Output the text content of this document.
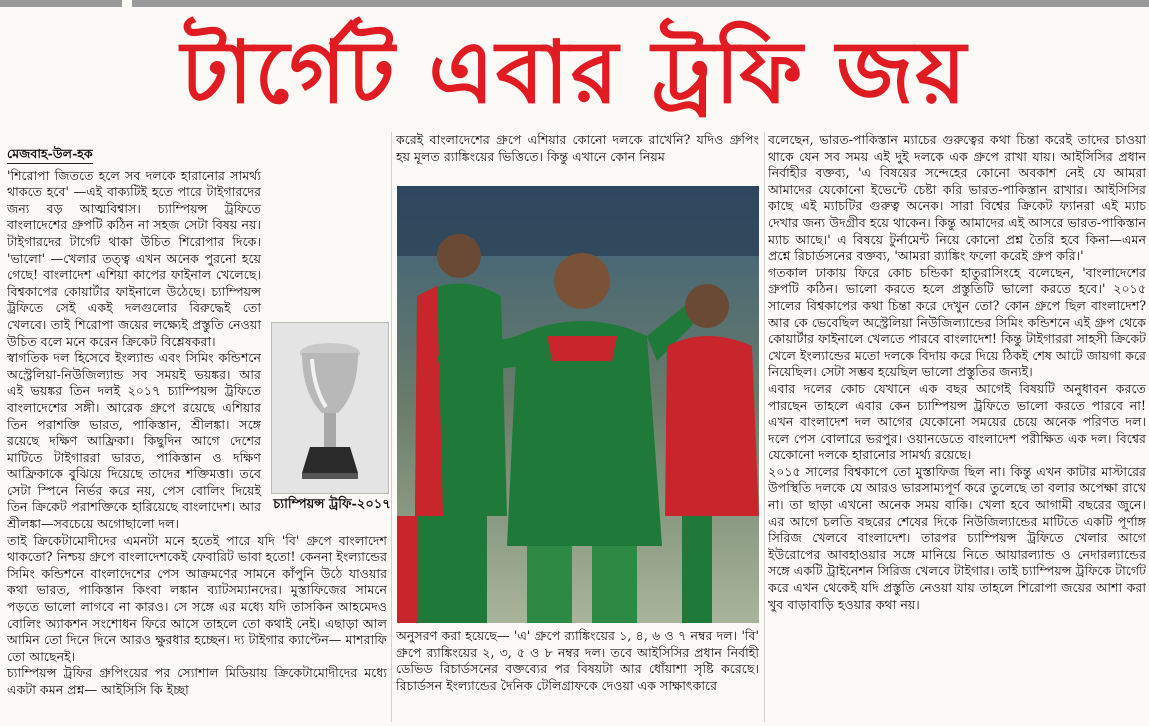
টার্গেট এবার ট্রফি জয়
মেজবাহ-উল-হক

'শিরোপা জিততে হলে সব দলকে হারানোর সামর্থ্য থাকতে হবে' —এই বাক্যটিই হতে পারে টাইগারদের জন্য বড় আত্মবিশ্বাস। চ্যাম্পিয়ন্স ট্রফিতে বাংলাদেশের গ্রুপটি কঠিন না সহজ সেটা বিষয় নয়। টাইগারদের টার্গেট থাকা উচিত শিরোপার দিকে। 'ভালো' —খেলার তত্ত্ব এখন অনেক পুরনো হয়ে গেছে! বাংলাদেশ এশিয়া কাপের ফাইনাল খেলেছে। বিশ্বকাপের কোয়ার্টার ফাইনালে উঠেছে। চ্যাম্পিয়ন্স ট্রফিতে সেই একই দলগুলোর বিরুদ্ধেই তো খেলবে। তাই শিরোপা জয়ের লক্ষ্যেই প্রস্তুতি নেওয়া উচিত বলে মনে করেন ক্রিকেট বিশ্লেষকরা।

স্বাগতিক দল হিসেবে ইংল্যান্ড এবং সিমিং কন্ডিশনে অস্ট্রেলিয়া-নিউজিল্যান্ড সব সময়ই ভয়ঙ্কর। আর এই ভয়ঙ্কর তিন দলই ২০১৭ চ্যাম্পিয়ন্স ট্রফিতে বাংলাদেশের সঙ্গী। আরেক গ্রুপে রয়েছে এশিয়ার তিন পরাশক্তি ভারত, পাকিস্তান, শ্রীলঙ্কা। সঙ্গে রয়েছে দক্ষিণ আফ্রিকা। কিছুদিন আগে দেশের মাটিতে টাইগাররা ভারত, পাকিস্তান ও দক্ষিণ আফ্রিকাকে বুঝিয়ে দিয়েছে তাদের শক্তিমত্তা। তবে সেটা স্পিনে নির্ভর করে নয়, পেস বোলিং দিয়েই তিন ক্রিকেট পরাশক্তিকে হারিয়েছে বাংলাদেশ। আর শ্রীলঙ্কা—সবচেয়ে অগোছালো দল।

তাই ক্রিকেটামোদীদের এমনটা মনে হতেই পারে যদি 'বি' গ্রুপে বাংলাদেশ থাকতো? নিশ্চয় গ্রুপে বাংলাদেশকেই ফেবারিট ভাবা হতো! কেননা ইংল্যান্ডের সিমিং কন্ডিশনে বাংলাদেশের পেস আক্রমণের সামনে কাঁপুনি উঠে যাওয়ার কথা ভারত, পাকিস্তান কিংবা লঙ্কান ব্যাটসম্যানদের। মুস্তাফিজের সামনে পড়তে ভালো লাগবে না কারও। সে সঙ্গে এর মধ্যে যদি তাসকিন আহমেদও বোলিং অ্যাকশন সংশোধন ফিরে আসে তাহলে তো কথাই নেই। এছাড়া আল আমিন তো দিনে দিনে আরও ক্ষুরধার হচ্ছেন। দ্য টাইগার ক্যাপ্টেন— মাশরাফি তো আছেনই।

চ্যাম্পিয়ন্স ট্রফির গ্রুপিংয়ের পর স্যোশাল মিডিয়ায় ক্রিকেটামোদীদের মধ্যে একটা কমন প্রশ্ন— আইসিসি কি ইচ্ছা

চ্যাম্পিয়ন্স ট্রফি-২০১৭

করেই বাংলাদেশের গ্রুপে এশিয়ার কোনো দলকে রাখেনি? যদিও গ্রুপিং হয় মূলত র‌্যাঙ্কিংয়ের ভিত্তিতে। কিন্তু এখানে কোন নিয়ম

অনুসরণ করা হয়েছে— 'এ' গ্রুপে র‌্যাঙ্কিংয়ের ১, ৪, ৬ ও ৭ নম্বর দল। 'বি' গ্রুপে র‌্যাঙ্কিংয়ের ২, ৩, ৫ ও ৮ নম্বর দল। তবে আইসিসির প্রধান নির্বাহী ডেভিড রিচার্ডসনের বক্তব্যের পর বিষয়টা আর ধোঁয়াশা সৃষ্টি করেছে। রিচার্ডসন ইংল্যান্ডের দৈনিক টেলিগ্রাফকে দেওয়া এক সাক্ষাৎকারে

বলেছেন, ভারত-পাকিস্তান ম্যাচের গুরুত্বের কথা চিন্তা করেই তাদের চাওয়া থাকে যেন সব সময় এই দুই দলকে এক গ্রুপে রাখা যায়। আইসিসির প্রধান নির্বাহীর বক্তব্য, 'এ বিষয়ের সন্দেহের কোনো অবকাশ নেই যে আমরা আমাদের যেকোনো ইভেন্টে চেষ্টা করি ভারত-পাকিস্তান রাখার। আইসিসির কাছে এই ম্যাচটির গুরুত্ব অনেক। সারা বিশ্বের ক্রিকেট ফ্যানরা এই ম্যাচ দেখার জন্য উদগ্রীব হয়ে থাকেন। কিন্তু আমাদের এই আসরে ভারত-পাকিস্তান ম্যাচ আছে।' এ বিষয়ে টুর্নামেন্ট নিয়ে কোনো প্রশ্ন তৈরি হবে কিনা—এমন প্রশ্নে রিচার্ডসনের বক্তব্য, 'আমরা র‌্যাঙ্কিং ফলো করেই গ্রুপ করি।'

গতকাল ঢাকায় ফিরে কোচ চন্ডিকা হাতুরাসিংহে বলেছেন, 'বাংলাদেশের গ্রুপটি কঠিন। ভালো করতে হলে প্রস্তুতিটি ভালো করতে হবে।' ২০১৫ সালের বিশ্বকাপের কথা চিন্তা করে দেখুন তো? কোন গ্রুপে ছিল বাংলাদেশ? আর কে ভেবেছিল অস্ট্রেলিয়া নিউজিল্যান্ডের সিমিং কন্ডিশনে এই গ্রুপ থেকে কোয়ার্টার ফাইনালে খেলতে পারবে বাংলাদেশ! কিন্তু টাইগাররা সাহসী ক্রিকেট খেলে ইংল্যান্ডের মতো দলকে বিদায় করে দিয়ে ঠিকই শেষ আটে জায়গা করে নিয়েছিল। সেটা সম্ভব হয়েছিল ভালো প্রস্তুতির জন্যই।

এবার দলের কোচ যেখানে এক বছর আগেই বিষয়টি অনুধাবন করতে পারছেন তাহলে এবার কেন চ্যাম্পিয়ন্স ট্রফিতে ভালো করতে পারবে না! এখন বাংলাদেশ দল আগের যেকোনো সময়ের চেয়ে অনেক পরিণত দল। দলে পেস বোলারে ভরপুর। ওয়ানডেতে বাংলাদেশ পরীক্ষিত এক দল। বিশ্বের যেকোনো দলকে হারানোর সামর্থ্য রয়েছে।

২০১৫ সালের বিশ্বকাপে তো মুস্তাফিজ ছিল না। কিন্তু এখন কাটার মাস্টারের উপস্থিতি দলকে যে আরও ভারসাম্যপূর্ণ করে তুলেছে তা বলার অপেক্ষা রাখে না। তা ছাড়া এখনো অনেক সময় বাকি। খেলা হবে আগামী বছরের জুনে। এর আগে চলতি বছরের শেষের দিকে নিউজিল্যান্ডের মাটিতে একটি পূর্ণাঙ্গ সিরিজ খেলবে বাংলাদেশ। তারপর চ্যাম্পিয়ন্স ট্রফিতে খেলার আগে ইউরোপের আবহাওয়ার সঙ্গে মানিয়ে নিতে আয়ারল্যান্ড ও নেদারল্যান্ডের সঙ্গে একটি ট্রাইনেশন সিরিজ খেলবে টাইগার। তাই চ্যাম্পিয়ন্স ট্রফিকে টার্গেট করে এখন থেকেই যদি প্রস্তুতি নেওয়া যায় তাহলে শিরোপা জয়ের আশা করা খুব বাড়াবাড়ি হওয়ার কথা নয়।
